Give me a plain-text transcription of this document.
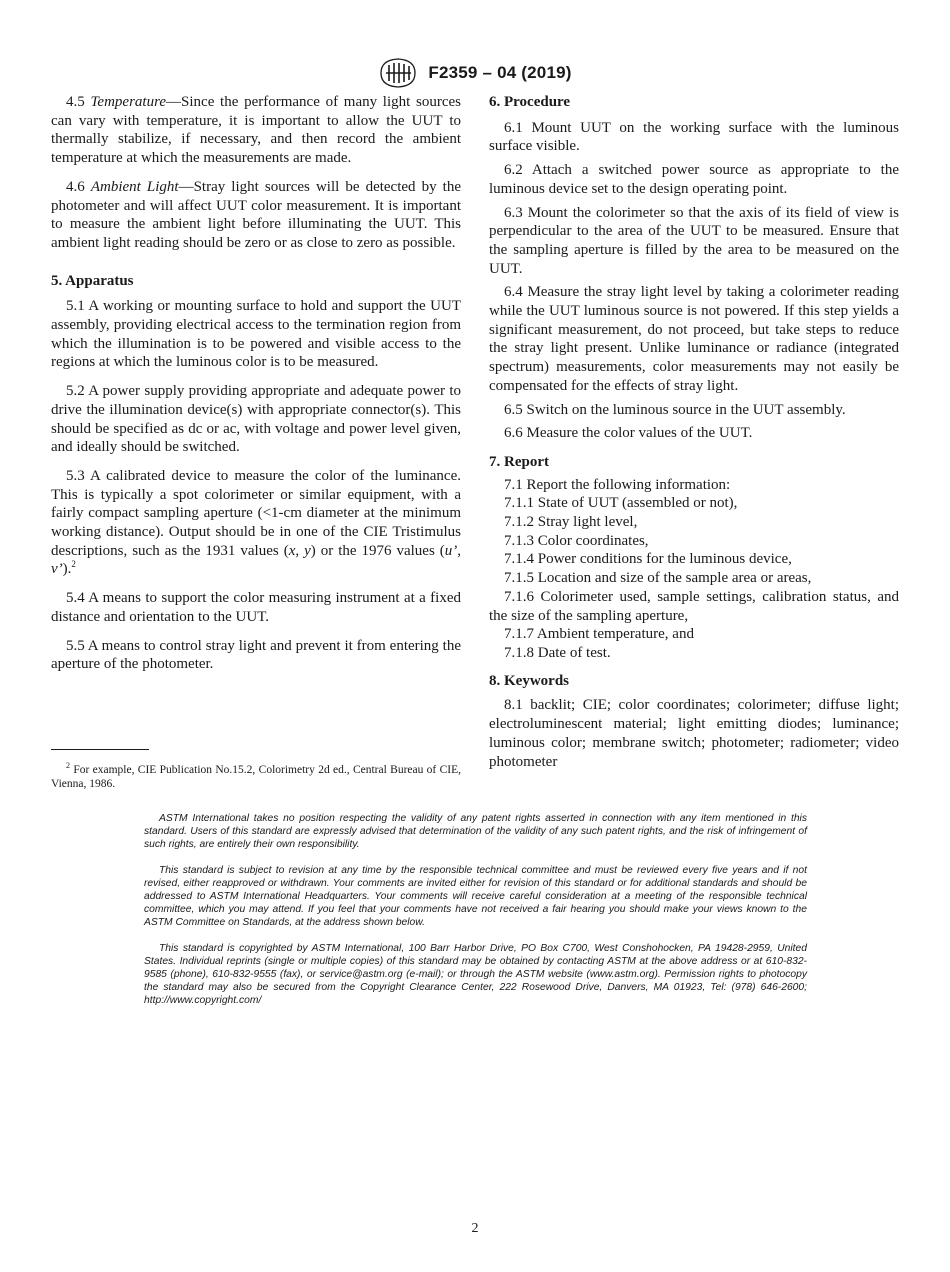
F2359 – 04 (2019)

4.5 Temperature—Since the performance of many light sources can vary with temperature, it is important to allow the UUT to thermally stabilize, if necessary, and then record the ambient temperature at which the measurements are made.

4.6 Ambient Light—Stray light sources will be detected by the photometer and will affect UUT color measurement. It is important to measure the ambient light before illuminating the UUT. This ambient light reading should be zero or as close to zero as possible.

5. Apparatus

5.1 A working or mounting surface to hold and support the UUT assembly, providing electrical access to the termination region from which the illumination is to be powered and visible access to the regions at which the luminous color is to be measured.

5.2 A power supply providing appropriate and adequate power to drive the illumination device(s) with appropriate connector(s). This should be specified as dc or ac, with voltage and power level given, and ideally should be switched.

5.3 A calibrated device to measure the color of the luminance. This is typically a spot colorimeter or similar equipment, with a fairly compact sampling aperture (<1-cm diameter at the minimum working distance). Output should be in one of the CIE Tristimulus descriptions, such as the 1931 values (x, y) or the 1976 values (u’, v’).$^2$

5.4 A means to support the color measuring instrument at a fixed distance and orientation to the UUT.

5.5 A means to control stray light and prevent it from entering the aperture of the photometer.

$^2$ For example, CIE Publication No.15.2, Colorimetry 2d ed., Central Bureau of CIE, Vienna, 1986.
6. Procedure

6.1 Mount UUT on the working surface with the luminous surface visible.

6.2 Attach a switched power source as appropriate to the luminous device set to the design operating point.

6.3 Mount the colorimeter so that the axis of its field of view is perpendicular to the area of the UUT to be measured. Ensure that the sampling aperture is filled by the area to be measured on the UUT.

6.4 Measure the stray light level by taking a colorimeter reading while the UUT luminous source is not powered. If this step yields a significant measurement, do not proceed, but take steps to reduce the stray light present. Unlike luminance or radiance (integrated spectrum) measurements, color measurements may not easily be compensated for the effects of stray light.

6.5 Switch on the luminous source in the UUT assembly.

6.6 Measure the color values of the UUT.

7. Report
7.1 Report the following information:
7.1.1 State of UUT (assembled or not),
7.1.2 Stray light level,
7.1.3 Color coordinates,
7.1.4 Power conditions for the luminous device,
7.1.5 Location and size of the sample area or areas,
7.1.6 Colorimeter used, sample settings, calibration status, and the size of the sampling aperture,
7.1.7 Ambient temperature, and
7.1.8 Date of test.
8. Keywords

8.1 backlit; CIE; color coordinates; colorimeter; diffuse light; electroluminescent material; light emitting diodes; luminance; luminous color; membrane switch; photometer; radiometer; video photometer

ASTM International takes no position respecting the validity of any patent rights asserted in connection with any item mentioned in this standard. Users of this standard are expressly advised that determination of the validity of any such patent rights, and the risk of infringement of such rights, are entirely their own responsibility.

This standard is subject to revision at any time by the responsible technical committee and must be reviewed every five years and if not revised, either reapproved or withdrawn. Your comments are invited either for revision of this standard or for additional standards and should be addressed to ASTM International Headquarters. Your comments will receive careful consideration at a meeting of the responsible technical committee, which you may attend. If you feel that your comments have not received a fair hearing you should make your views known to the ASTM Committee on Standards, at the address shown below.

This standard is copyrighted by ASTM International, 100 Barr Harbor Drive, PO Box C700, West Conshohocken, PA 19428-2959, United States. Individual reprints (single or multiple copies) of this standard may be obtained by contacting ASTM at the above address or at 610-832-9585 (phone), 610-832-9555 (fax), or service@astm.org (e-mail); or through the ASTM website (www.astm.org). Permission rights to photocopy the standard may also be secured from the Copyright Clearance Center, 222 Rosewood Drive, Danvers, MA 01923, Tel: (978) 646-2600; http://www.copyright.com/

2
